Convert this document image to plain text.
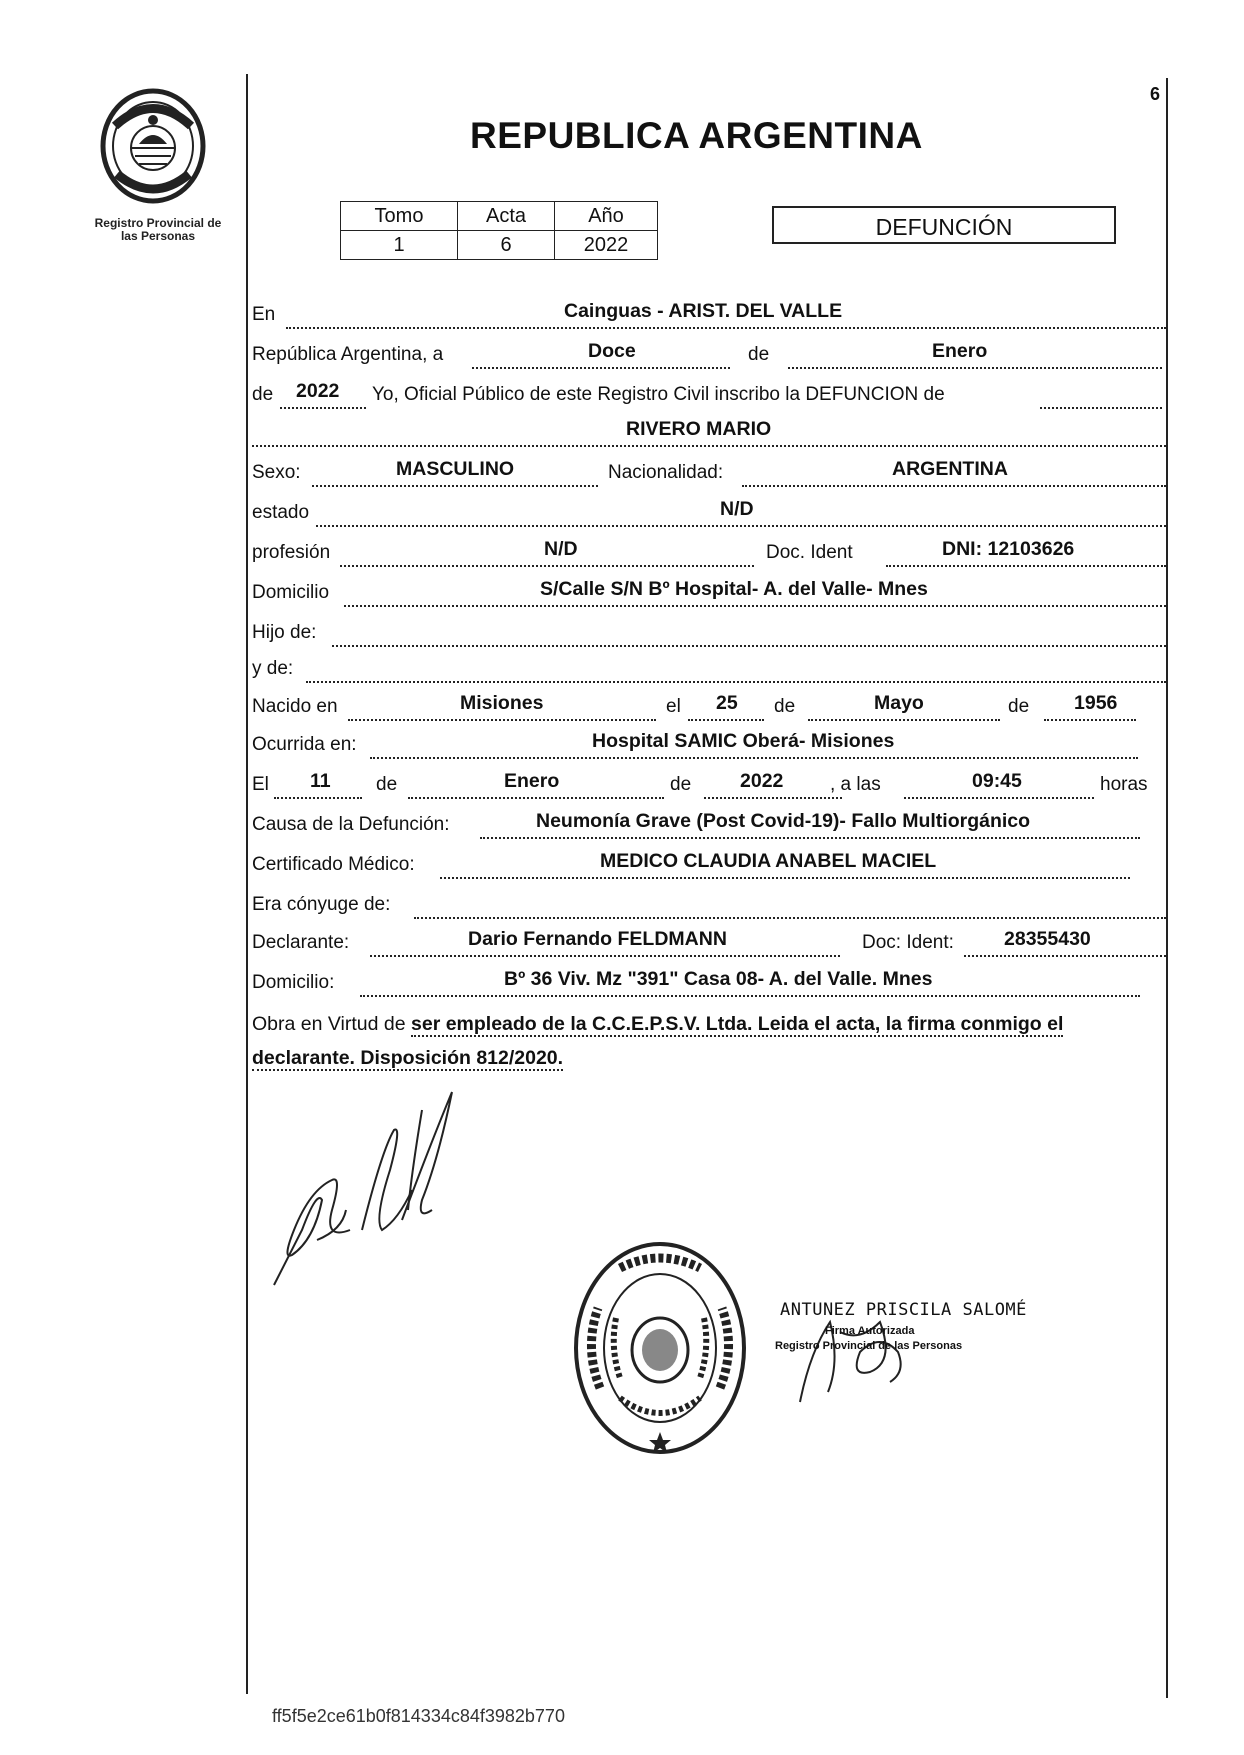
Registro Provincial de
las Personas
6
REPUBLICA ARGENTINA
Tomo	Acta	Año
1	6	2022
DEFUNCIÓN
En	Cainguas - ARIST. DEL VALLE
República Argentina, a	Doce	de	Enero
de 2022 Yo, Oficial Público de este Registro Civil inscribo la DEFUNCION de
RIVERO MARIO
Sexo:	MASCULINO	Nacionalidad:	ARGENTINA
estado	N/D
profesión	N/D	Doc. Ident	DNI: 12103626
Domicilio	S/Calle S/N Bº Hospital- A. del Valle- Mnes
Hijo de:
y de:
Nacido en	Misiones	el 25 de	Mayo	de 1956
Ocurrida en:	Hospital SAMIC Oberá- Misiones
El 11 de	Enero	de	2022 , a las	09:45	horas
Causa de la Defunción:	Neumonía Grave (Post Covid-19)- Fallo Multiorgánico
Certificado Médico:	MEDICO CLAUDIA ANABEL MACIEL
Era cónyuge de:
Declarante:	Dario Fernando FELDMANN	Doc: Ident:	28355430
Domicilio:	Bº 36 Viv. Mz "391" Casa 08- A. del Valle. Mnes
Obra en Virtud de ser empleado de la C.C.E.P.S.V. Ltda. Leida el acta, la firma conmigo el declarante. Disposición 812/2020.
ANTUNEZ PRISCILA SALOMÉ
Firma Autorizada
Registro Provincial de las Personas
ff5f5e2ce61b0f814334c84f3982b770
